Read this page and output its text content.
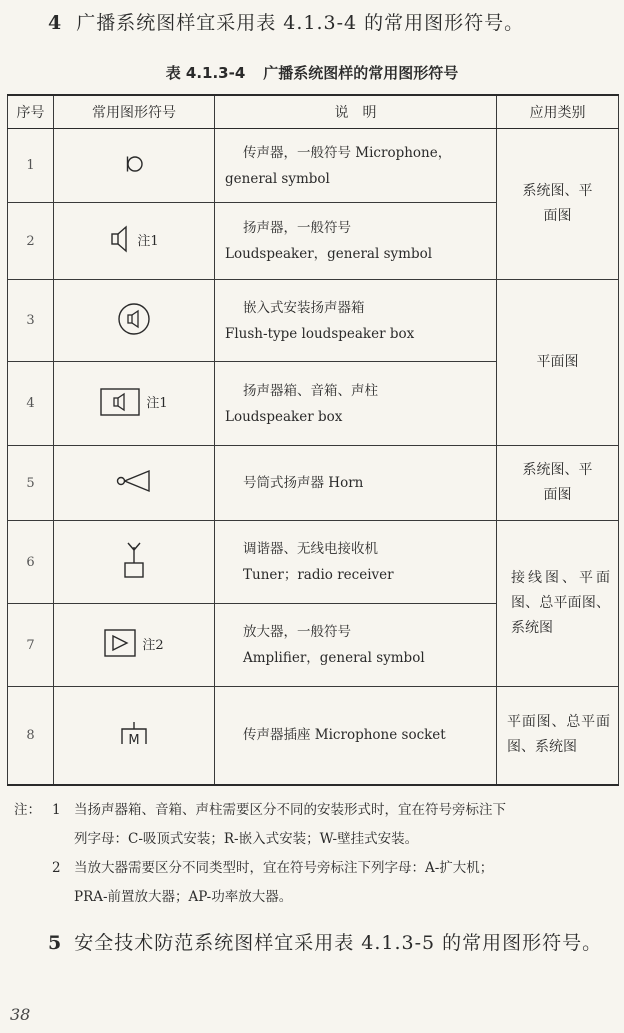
4 广播系统图样宜采用表 4.1.3-4 的常用图形符号。
表 4.1.3-4 广播系统图样的常用图形符号
序号	常用图形符号	说　明	应用类别
1		传声器，一般符号 Microphone，
general symbol	系统图、平面图
2	注1	扬声器，一般符号
Loudspeaker，general symbol	

3		嵌入式安装扬声器箱
Flush-type loudspeaker box	平面图
4	注1	扬声器箱、音箱、声柱
Loudspeaker box	

5		号筒式扬声器 Horn	系统图、平面图
6		调谐器、无线电接收机
Tuner；radio receiver	接线图、平面图、总平面图、系统图
7	注2	放大器，一般符号
Amplifier，general symbol	

8	M	传声器插座 Microphone socket	平面图、总平面图、系统图
注： 1 当扬声器箱、音箱、声柱需要区分不同的安装形式时，宜在符号旁标注下
列字母：C-吸顶式安装；R-嵌入式安装；W-壁挂式安装。
2 当放大器需要区分不同类型时，宜在符号旁标注下列字母：A-扩大机；
PRA-前置放大器；AP-功率放大器。
5 安全技术防范系统图样宜采用表 4.1.3-5 的常用图形符号。
38
